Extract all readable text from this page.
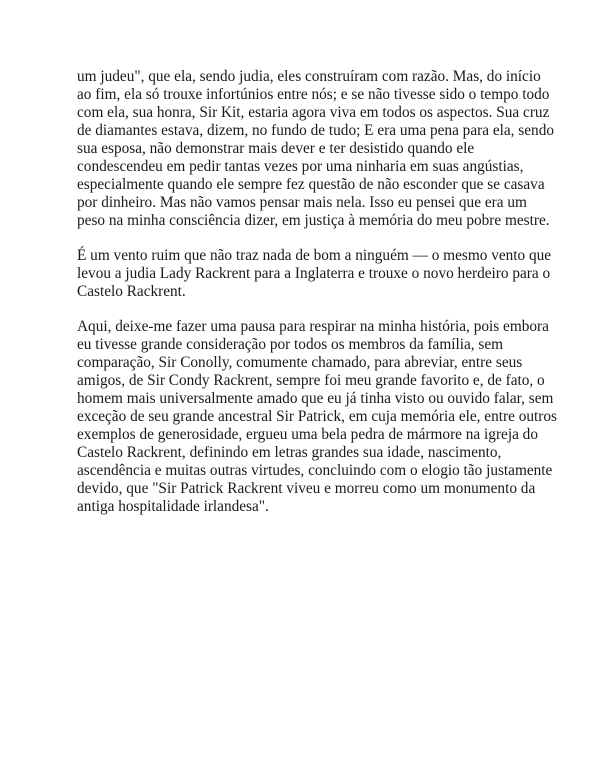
um judeu", que ela, sendo judia, eles construíram com razão. Mas, do início ao fim, ela só trouxe infortúnios entre nós; e se não tivesse sido o tempo todo com ela, sua honra, Sir Kit, estaria agora viva em todos os aspectos. Sua cruz de diamantes estava, dizem, no fundo de tudo; E era uma pena para ela, sendo sua esposa, não demonstrar mais dever e ter desistido quando ele condescendeu em pedir tantas vezes por uma ninharia em suas angústias, especialmente quando ele sempre fez questão de não esconder que se casava por dinheiro. Mas não vamos pensar mais nela. Isso eu pensei que era um peso na minha consciência dizer, em justiça à memória do meu pobre mestre.

É um vento ruim que não traz nada de bom a ninguém — o mesmo vento que levou a judia Lady Rackrent para a Inglaterra e trouxe o novo herdeiro para o Castelo Rackrent.

Aqui, deixe-me fazer uma pausa para respirar na minha história, pois embora eu tivesse grande consideração por todos os membros da família, sem comparação, Sir Conolly, comumente chamado, para abreviar, entre seus amigos, de Sir Condy Rackrent, sempre foi meu grande favorito e, de fato, o homem mais universalmente amado que eu já tinha visto ou ouvido falar, sem exceção de seu grande ancestral Sir Patrick, em cuja memória ele, entre outros exemplos de generosidade, ergueu uma bela pedra de mármore na igreja do Castelo Rackrent, definindo em letras grandes sua idade, nascimento, ascendência e muitas outras virtudes, concluindo com o elogio tão justamente devido, que "Sir Patrick Rackrent viveu e morreu como um monumento da antiga hospitalidade irlandesa".
